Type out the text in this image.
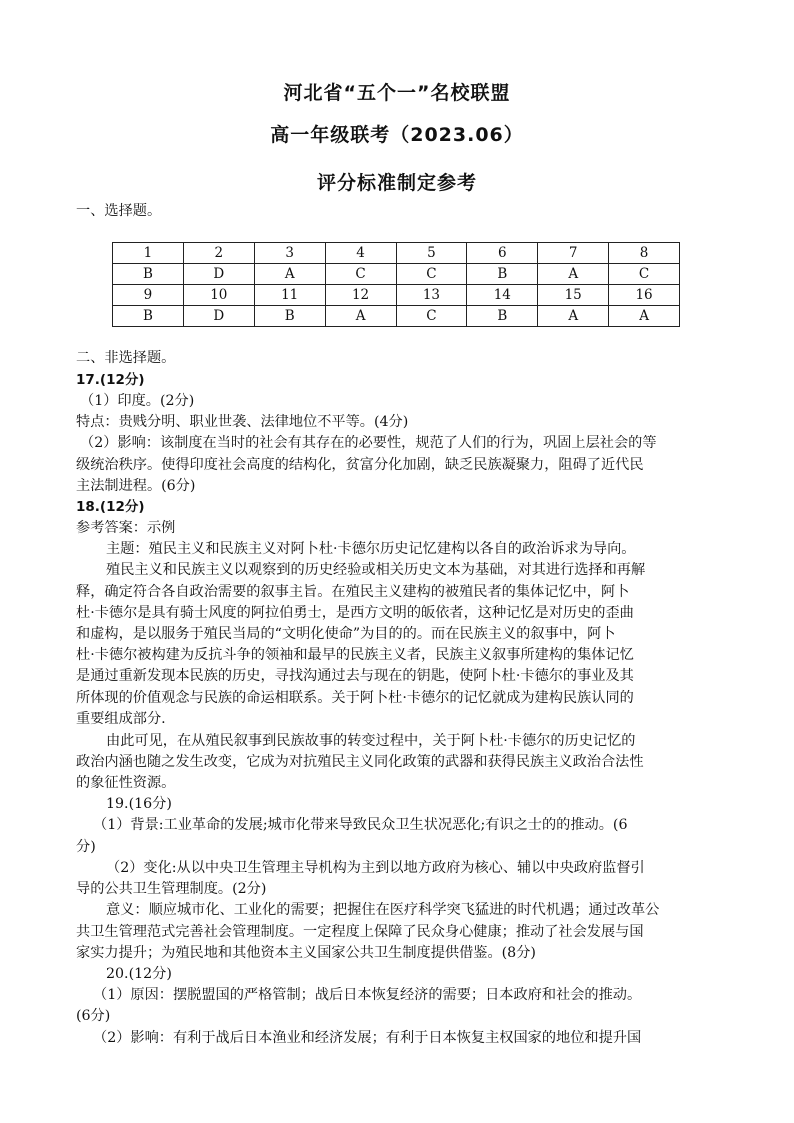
河北省“五个一”名校联盟
高一年级联考（2023.06）
评分标准制定参考
一、选择题。
1	2	3	4	5	6	7	8
B	D	A	C	C	B	A	C
9	10	11	12	13	14	15	16
B	D	B	A	C	B	A	A
二、非选择题。
17.(12分)
（1）印度。(2分)
特点：贵贱分明、职业世袭、法律地位不平等。(4分)
（2）影响：该制度在当时的社会有其存在的必要性，规范了人们的行为，巩固上层社会的等
级统治秩序。使得印度社会高度的结构化，贫富分化加剧，缺乏民族凝聚力，阻碍了近代民
主法制进程。(6分)
18.(12分)
参考答案：示例
主题：殖民主义和民族主义对阿卜杜·卡德尔历史记忆建构以各自的政治诉求为导向。
殖民主义和民族主义以观察到的历史经验或相关历史文本为基础，对其进行选择和再解
释，确定符合各自政治需要的叙事主旨。在殖民主义建构的被殖民者的集体记忆中，阿卜
杜·卡德尔是具有骑士风度的阿拉伯勇士，是西方文明的皈依者，这种记忆是对历史的歪曲
和虚构，是以服务于殖民当局的“文明化使命”为目的的。而在民族主义的叙事中，阿卜
杜·卡德尔被构建为反抗斗争的领袖和最早的民族主义者，民族主义叙事所建构的集体记忆
是通过重新发现本民族的历史，寻找沟通过去与现在的钥匙，使阿卜杜·卡德尔的事业及其
所体现的价值观念与民族的命运相联系。关于阿卜杜·卡德尔的记忆就成为建构民族认同的
重要组成部分.
由此可见，在从殖民叙事到民族故事的转变过程中，关于阿卜杜·卡德尔的历史记忆的
政治内涵也随之发生改变，它成为对抗殖民主义同化政策的武器和获得民族主义政治合法性
的象征性资源。
19.(16分)
（1）背景:工业革命的发展;城市化带来导致民众卫生状况恶化;有识之士的的推动。(6
分)
（2）变化:从以中央卫生管理主导机构为主到以地方政府为核心、辅以中央政府监督引
导的公共卫生管理制度。(2分)
意义：顺应城市化、工业化的需要；把握住在医疗科学突飞猛进的时代机遇；通过改革公
共卫生管理范式完善社会管理制度。一定程度上保障了民众身心健康；推动了社会发展与国
家实力提升；为殖民地和其他资本主义国家公共卫生制度提供借鉴。(8分)
20.(12分)
（1）原因：摆脱盟国的严格管制；战后日本恢复经济的需要；日本政府和社会的推动。
(6分)
（2）影响：有利于战后日本渔业和经济发展；有利于日本恢复主权国家的地位和提升国
